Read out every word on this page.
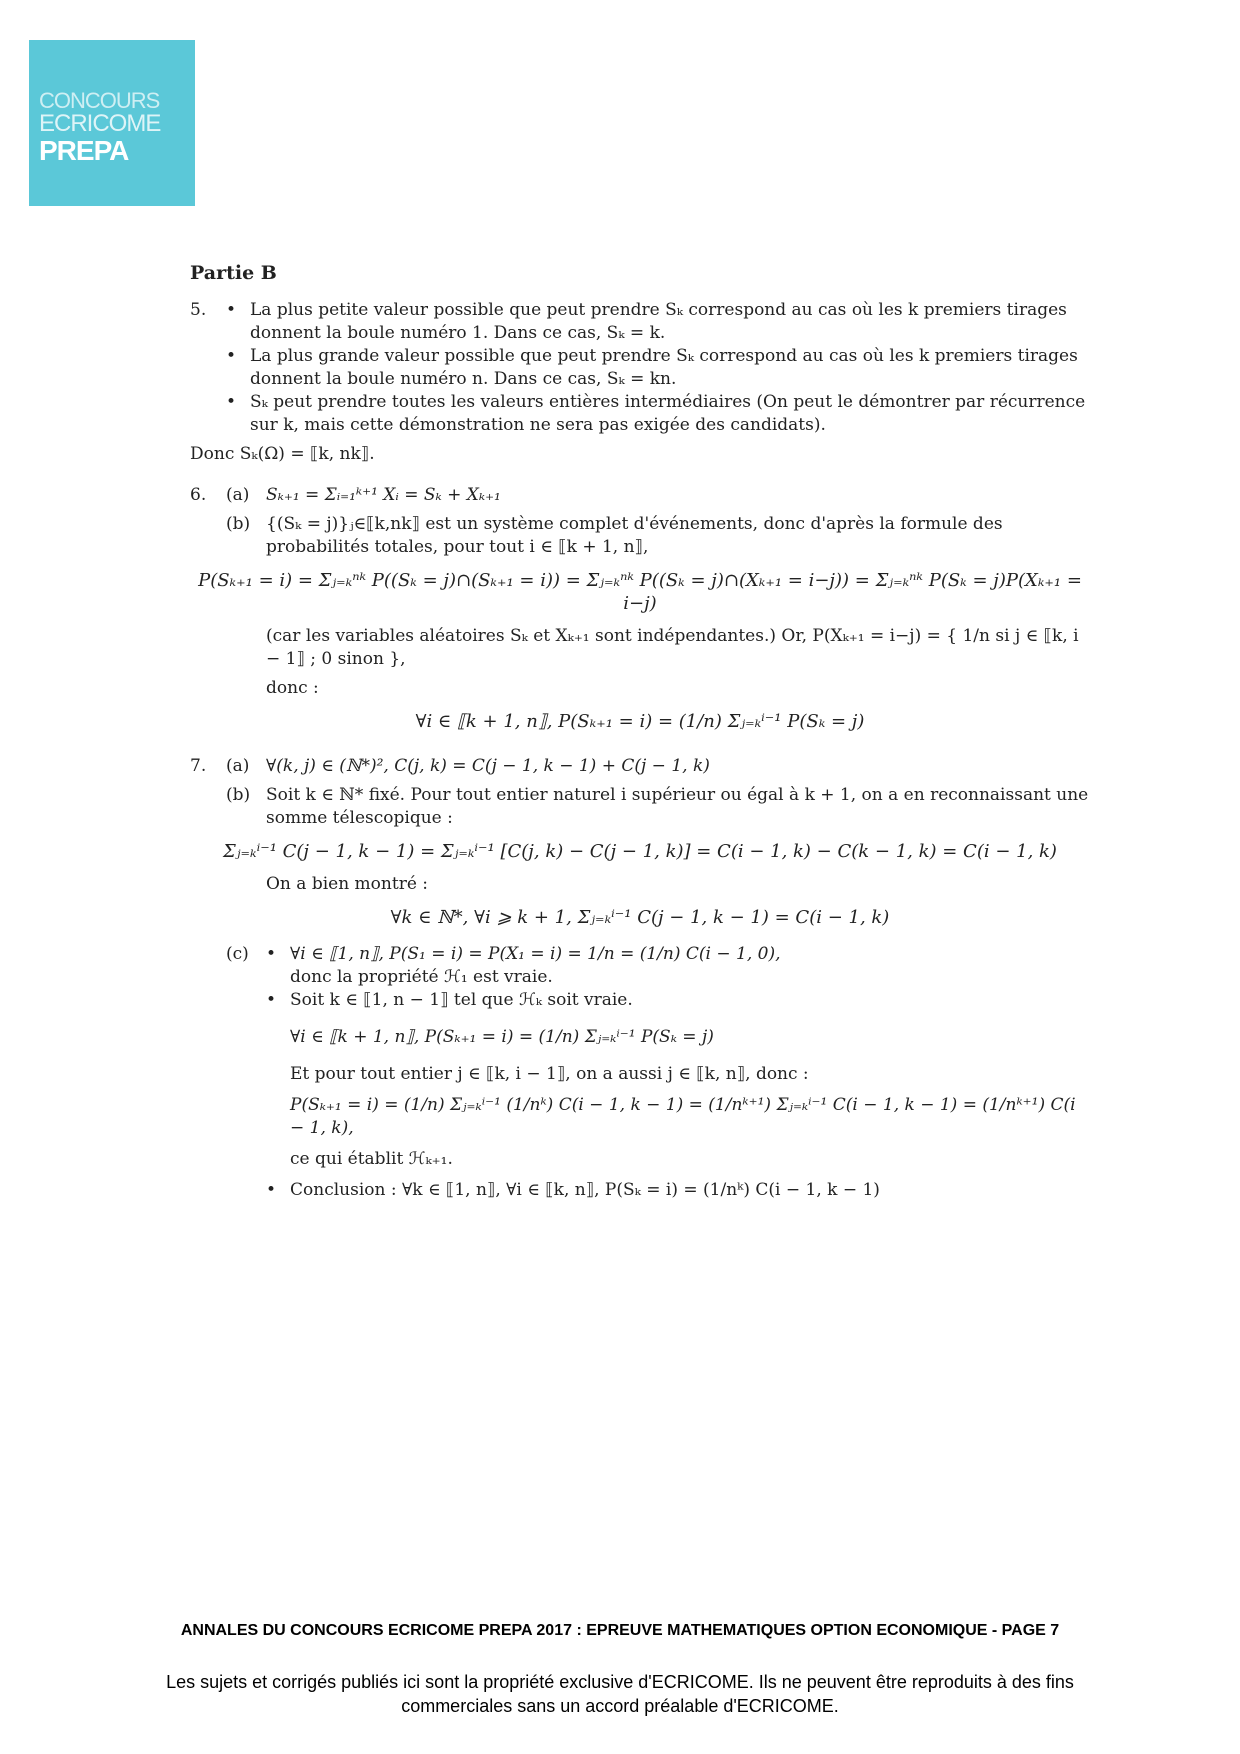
CONCOURS
ECRICOME
PREPA
Partie B
5.	• La plus petite valeur possible que peut prendre Sₖ correspond au cas où les k premiers tirages donnent la boule numéro 1. Dans ce cas, Sₖ = k.
• La plus grande valeur possible que peut prendre Sₖ correspond au cas où les k premiers tirages donnent la boule numéro n. Dans ce cas, Sₖ = kn.
• Sₖ peut prendre toutes les valeurs entières intermédiaires (On peut le démontrer par récurrence sur k, mais cette démonstration ne sera pas exigée des candidats).
Donc Sₖ(Ω) = ⟦k, nk⟧.
6.	(a) Sₖ₊₁ = Σᵢ₌₁ᵏ⁺¹ Xᵢ = Sₖ + Xₖ₊₁
(b) {(Sₖ = j)}ⱼ∈⟦k,nk⟧ est un système complet d'événements, donc d'après la formule des probabilités totales, pour tout i ∈ ⟦k + 1, n⟧,
P(Sₖ₊₁ = i) = Σⱼ₌ₖⁿᵏ P((Sₖ = j)∩(Sₖ₊₁ = i)) = Σⱼ₌ₖⁿᵏ P((Sₖ = j)∩(Xₖ₊₁ = i−j)) = Σⱼ₌ₖⁿᵏ P(Sₖ = j)P(Xₖ₊₁ = i−j)
(car les variables aléatoires Sₖ et Xₖ₊₁ sont indépendantes.) Or, P(Xₖ₊₁ = i−j) = { 1/n si j ∈ ⟦k, i − 1⟧ ; 0 sinon },
donc :
∀i ∈ ⟦k + 1, n⟧, P(Sₖ₊₁ = i) = (1/n) Σⱼ₌ₖⁱ⁻¹ P(Sₖ = j)
7.	(a) ∀(k, j) ∈ (ℕ*)², C(j, k) = C(j − 1, k − 1) + C(j − 1, k)
(b) Soit k ∈ ℕ* fixé. Pour tout entier naturel i supérieur ou égal à k + 1, on a en reconnaissant une somme télescopique :
Σⱼ₌ₖⁱ⁻¹ C(j − 1, k − 1) = Σⱼ₌ₖⁱ⁻¹ [C(j, k) − C(j − 1, k)] = C(i − 1, k) − C(k − 1, k) = C(i − 1, k)
On a bien montré :
∀k ∈ ℕ*, ∀i ⩾ k + 1, Σⱼ₌ₖⁱ⁻¹ C(j − 1, k − 1) = C(i − 1, k)
(c)	• ∀i ∈ ⟦1, n⟧, P(S₁ = i) = P(X₁ = i) = 1/n = (1/n) C(i − 1, 0),
donc la propriété ℋ₁ est vraie.
• Soit k ∈ ⟦1, n − 1⟧ tel que ℋₖ soit vraie.
∀i ∈ ⟦k + 1, n⟧, P(Sₖ₊₁ = i) = (1/n) Σⱼ₌ₖⁱ⁻¹ P(Sₖ = j)
Et pour tout entier j ∈ ⟦k, i − 1⟧, on a aussi j ∈ ⟦k, n⟧, donc :
P(Sₖ₊₁ = i) = (1/n) Σⱼ₌ₖⁱ⁻¹ (1/nᵏ) C(i − 1, k − 1) = (1/nᵏ⁺¹) Σⱼ₌ₖⁱ⁻¹ C(i − 1, k − 1) = (1/nᵏ⁺¹) C(i − 1, k),
ce qui établit ℋₖ₊₁.
• Conclusion : ∀k ∈ ⟦1, n⟧, ∀i ∈ ⟦k, n⟧, P(Sₖ = i) = (1/nᵏ) C(i − 1, k − 1)
ANNALES DU CONCOURS ECRICOME PREPA 2017 : EPREUVE MATHEMATIQUES OPTION ECONOMIQUE - PAGE 7
Les sujets et corrigés publiés ici sont la propriété exclusive d'ECRICOME. Ils ne peuvent être reproduits à des fins commerciales sans un accord préalable d'ECRICOME.
